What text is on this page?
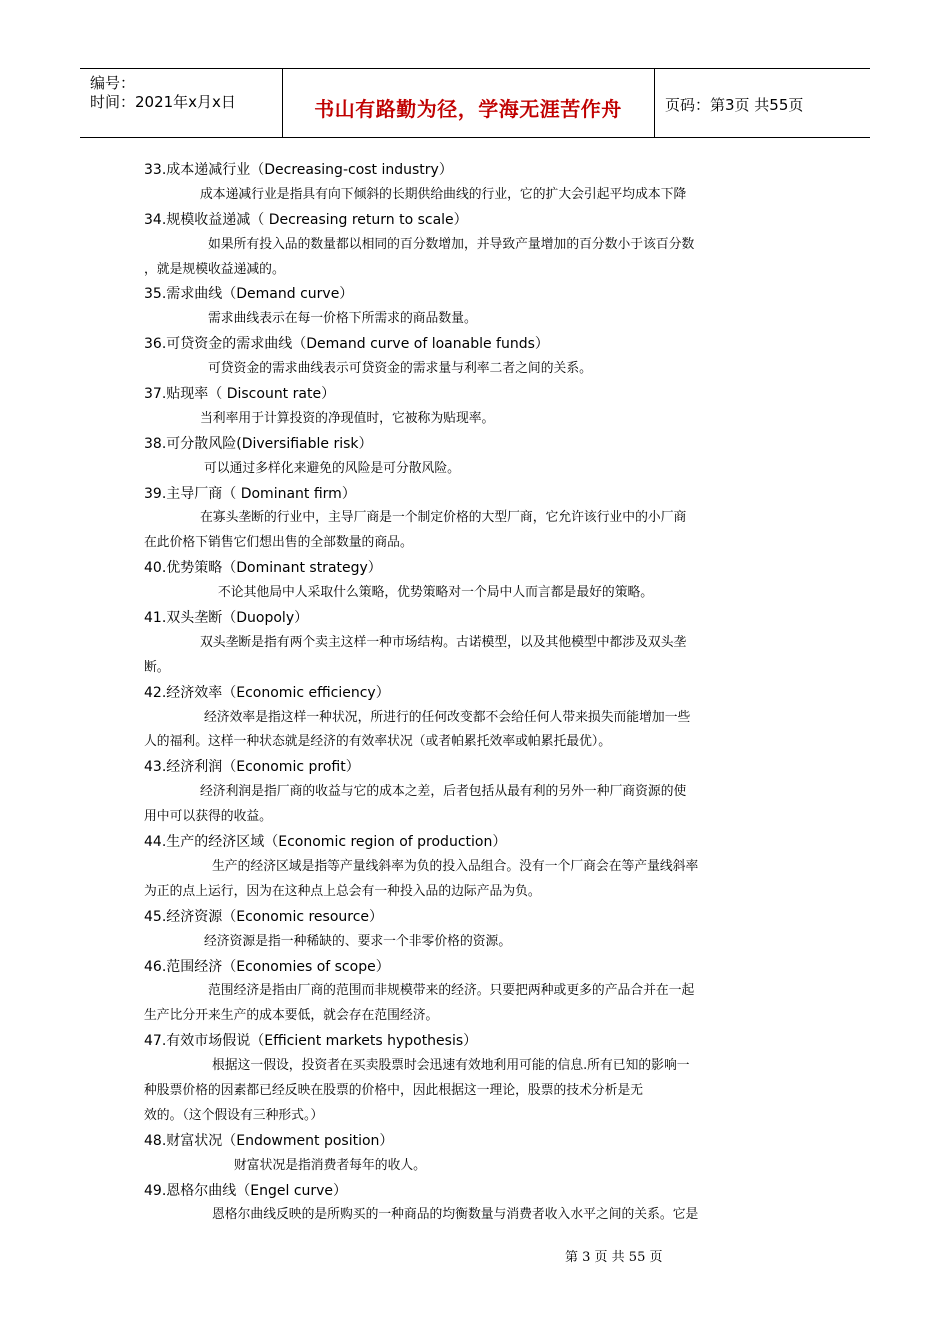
编号：
时间：2021年x月x日	书山有路勤为径，学海无涯苦作舟	页码：第3页 共55页
33.成本递减行业（Decreasing-cost industry）
成本递减行业是指具有向下倾斜的长期供给曲线的行业，它的扩大会引起平均成本下降
34.规模收益递减（ Decreasing return to scale）
如果所有投入品的数量都以相同的百分数增加，并导致产量增加的百分数小于该百分数
，就是规模收益递减的。
35.需求曲线（Demand curve）
需求曲线表示在每一价格下所需求的商品数量。
36.可贷资金的需求曲线（Demand curve of loanable funds）
可贷资金的需求曲线表示可贷资金的需求量与利率二者之间的关系。
37.贴现率（ Discount rate）
当利率用于计算投资的净现值时，它被称为贴现率。
38.可分散风险(Diversifiable risk）
可以通过多样化来避免的风险是可分散风险。
39.主导厂商（ Dominant firm）
在寡头垄断的行业中，主导厂商是一个制定价格的大型厂商，它允许该行业中的小厂商
在此价格下销售它们想出售的全部数量的商品。
40.优势策略（Dominant strategy）
不论其他局中人采取什么策略，优势策略对一个局中人而言都是最好的策略。
41.双头垄断（Duopoly）
双头垄断是指有两个卖主这样一种市场结构。古诺模型，以及其他模型中都涉及双头垄
断。
42.经济效率（Economic efficiency）
经济效率是指这样一种状况，所进行的任何改变都不会给任何人带来损失而能增加一些
人的福利。这样一种状态就是经济的有效率状况（或者帕累托效率或帕累托最优）。
43.经济利润（Economic profit）
经济利润是指厂商的收益与它的成本之差，后者包括从最有利的另外一种厂商资源的使
用中可以获得的收益。
44.生产的经济区域（Economic region of production）
生产的经济区域是指等产量线斜率为负的投入品组合。没有一个厂商会在等产量线斜率
为正的点上运行，因为在这种点上总会有一种投入品的边际产品为负。
45.经济资源（Economic resource）
经济资源是指一种稀缺的、要求一个非零价格的资源。
46.范围经济（Economies of scope）
范围经济是指由厂商的范围而非规模带来的经济。只要把两种或更多的产品合并在一起
生产比分开来生产的成本要低，就会存在范围经济。
47.有效市场假说（Efficient markets hypothesis）
根据这一假设，投资者在买卖股票时会迅速有效地利用可能的信息.所有已知的影响一
种股票价格的因素都已经反映在股票的价格中，因此根据这一理论，股票的技术分析是无
效的。（这个假设有三种形式。）
48.财富状况（Endowment position）
财富状况是指消费者每年的收人。
49.恩格尔曲线（Engel curve）
恩格尔曲线反映的是所购买的一种商品的均衡数量与消费者收入水平之间的关系。它是
第 3 页 共 55 页
